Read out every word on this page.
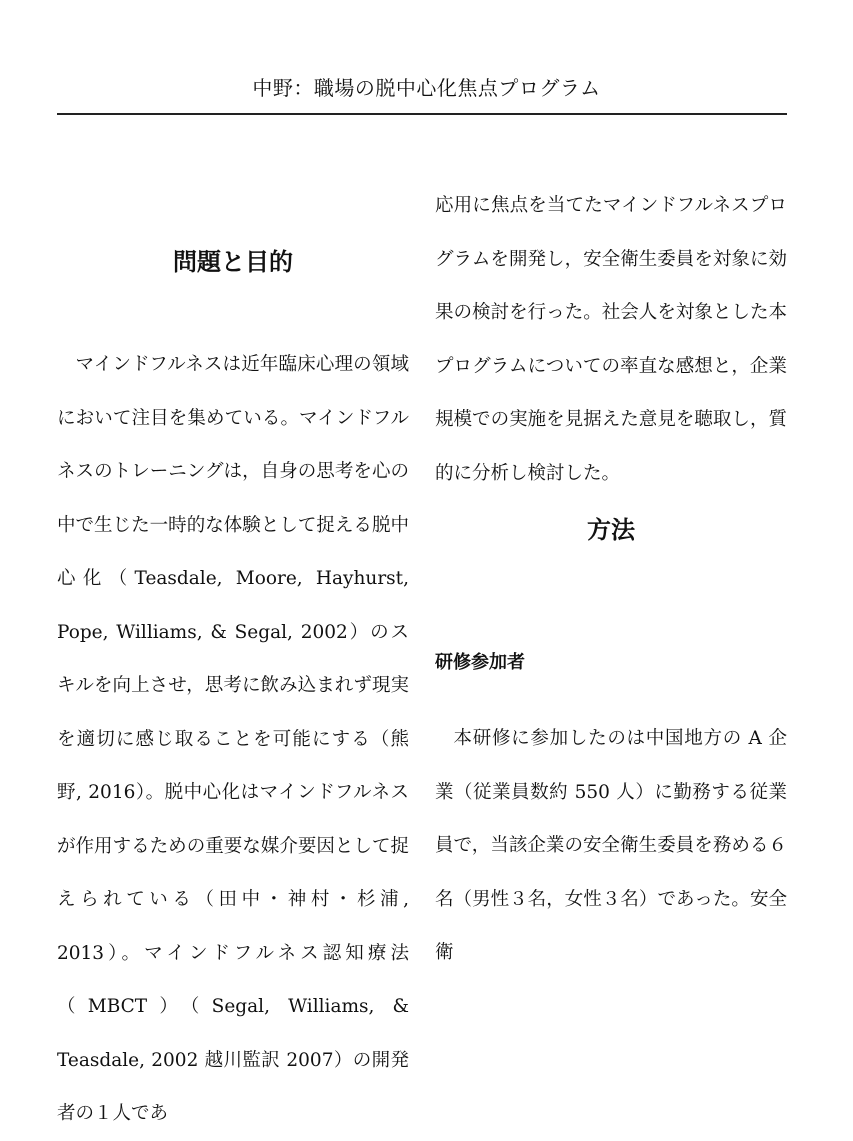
中野：職場の脱中心化焦点プログラム
問題と目的

マインドフルネスは近年臨床心理の領域において注目を集めている。マインドフルネスのトレーニングは，自身の思考を心の中で生じた一時的な体験として捉える脱中心化（Teasdale, Moore, Hayhurst, Pope, Williams, & Segal, 2002）のスキルを向上させ，思考に飲み込まれず現実を適切に感じ取ることを可能にする（熊野, 2016）。脱中心化はマインドフルネスが作用するための重要な媒介要因として捉えられている（田中・神村・杉浦, 2013）。マインドフルネス認知療法（MBCT）（Segal, Williams, & Teasdale, 2002 越川監訳 2007）の開発者の１人であ

応用に焦点を当てたマインドフルネスプログラムを開発し，安全衛生委員を対象に効果の検討を行った。社会人を対象とした本プログラムについての率直な感想と，企業規模での実施を見据えた意見を聴取し，質的に分析し検討した。

方法
研修参加者

本研修に参加したのは中国地方の A 企業（従業員数約 550 人）に勤務する従業員で，当該企業の安全衛生委員を務める６名（男性３名，女性３名）であった。安全衛
